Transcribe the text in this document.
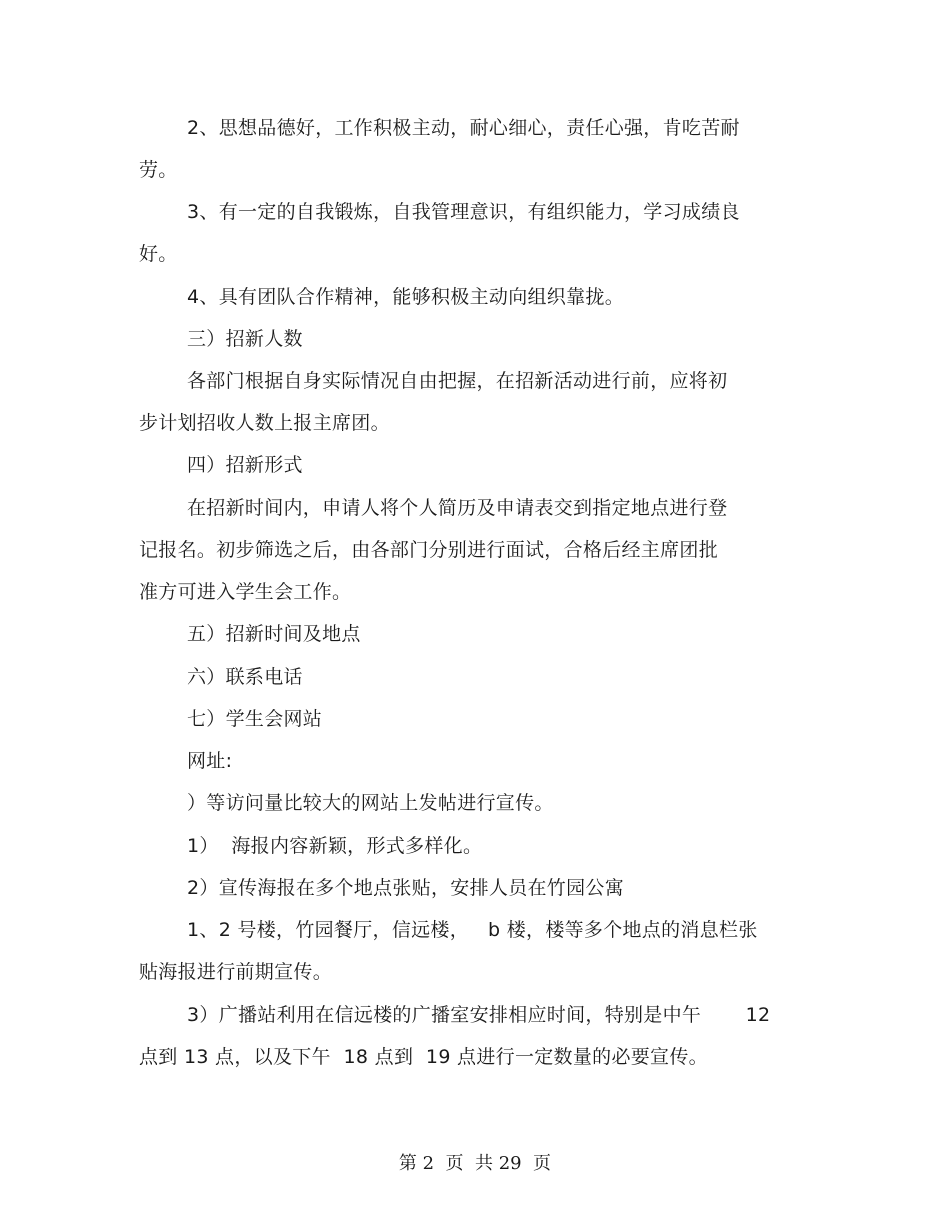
2、思想品德好，工作积极主动，耐心细心，责任心强，肯吃苦耐
劳。
3、有一定的自我锻炼，自我管理意识，有组织能力，学习成绩良
好。
4、具有团队合作精神，能够积极主动向组织靠拢。
三）招新人数
各部门根据自身实际情况自由把握，在招新活动进行前，应将初
步计划招收人数上报主席团。
四）招新形式
在招新时间内，申请人将个人简历及申请表交到指定地点进行登
记报名。初步筛选之后，由各部门分别进行面试，合格后经主席团批
准方可进入学生会工作。
五）招新时间及地点
六）联系电话
七）学生会网站
网址:
）等访问量比较大的网站上发帖进行宣传。
1）  海报内容新颖，形式多样化。
2）宣传海报在多个地点张贴，安排人员在竹园公寓
1、2 号楼，竹园餐厅，信远楼，   b 楼，楼等多个地点的消息栏张
贴海报进行前期宣传。
3）广播站利用在信远楼的广播室安排相应时间，特别是中午       12
点到 13 点，以及下午  18 点到  19 点进行一定数量的必要宣传。
第 2  页  共 29  页
